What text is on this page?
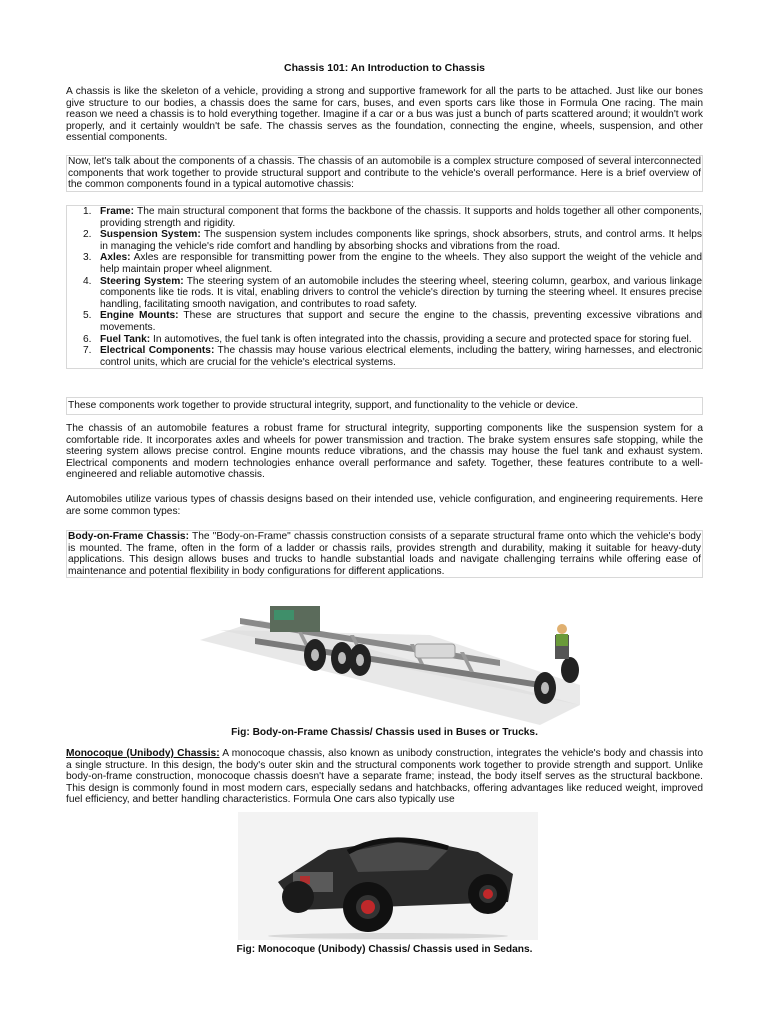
Chassis 101: An Introduction to Chassis

A chassis is like the skeleton of a vehicle, providing a strong and supportive framework for all the parts to be attached. Just like our bones give structure to our bodies, a chassis does the same for cars, buses, and even sports cars like those in Formula One racing. The main reason we need a chassis is to hold everything together. Imagine if a car or a bus was just a bunch of parts scattered around; it wouldn't work properly, and it certainly wouldn't be safe. The chassis serves as the foundation, connecting the engine, wheels, suspension, and other essential components.

Now, let's talk about the components of a chassis. The chassis of an automobile is a complex structure composed of several interconnected components that work together to provide structural support and contribute to the vehicle's overall performance. Here is a brief overview of the common components found in a typical automotive chassis:

1. Frame: The main structural component that forms the backbone of the chassis. It supports and holds together all other components, providing strength and rigidity.
2. Suspension System: The suspension system includes components like springs, shock absorbers, struts, and control arms. It helps in managing the vehicle's ride comfort and handling by absorbing shocks and vibrations from the road.
3. Axles: Axles are responsible for transmitting power from the engine to the wheels. They also support the weight of the vehicle and help maintain proper wheel alignment.
4. Steering System: The steering system of an automobile includes the steering wheel, steering column, gearbox, and various linkage components like tie rods. It is vital, enabling drivers to control the vehicle's direction by turning the steering wheel. It ensures precise handling, facilitating smooth navigation, and contributes to road safety.
5. Engine Mounts: These are structures that support and secure the engine to the chassis, preventing excessive vibrations and movements.
6. Fuel Tank: In automotives, the fuel tank is often integrated into the chassis, providing a secure and protected space for storing fuel.
7. Electrical Components: The chassis may house various electrical elements, including the battery, wiring harnesses, and electronic control units, which are crucial for the vehicle's electrical systems.

These components work together to provide structural integrity, support, and functionality to the vehicle or device.

The chassis of an automobile features a robust frame for structural integrity, supporting components like the suspension system for a comfortable ride. It incorporates axles and wheels for power transmission and traction. The brake system ensures safe stopping, while the steering system allows precise control. Engine mounts reduce vibrations, and the chassis may house the fuel tank and exhaust system. Electrical components and modern technologies enhance overall performance and safety. Together, these features contribute to a well-engineered and reliable automotive chassis.

Automobiles utilize various types of chassis designs based on their intended use, vehicle configuration, and engineering requirements. Here are some common types:

Body-on-Frame Chassis: The "Body-on-Frame" chassis construction consists of a separate structural frame onto which the vehicle's body is mounted. The frame, often in the form of a ladder or chassis rails, provides strength and durability, making it suitable for heavy-duty applications. This design allows buses and trucks to handle substantial loads and navigate challenging terrains while offering ease of maintenance and potential flexibility in body configurations for different applications.

Fig: Body-on-Frame Chassis/ Chassis used in Buses or Trucks.

Monocoque (Unibody) Chassis: A monocoque chassis, also known as unibody construction, integrates the vehicle's body and chassis into a single structure. In this design, the body's outer skin and the structural components work together to provide strength and support. Unlike body-on-frame construction, monocoque chassis doesn't have a separate frame; instead, the body itself serves as the structural backbone. This design is commonly found in most modern cars, especially sedans and hatchbacks, offering advantages like reduced weight, improved fuel efficiency, and better handling characteristics. Formula One cars also typically use

Fig: Monocoque (Unibody) Chassis/ Chassis used in Sedans.
